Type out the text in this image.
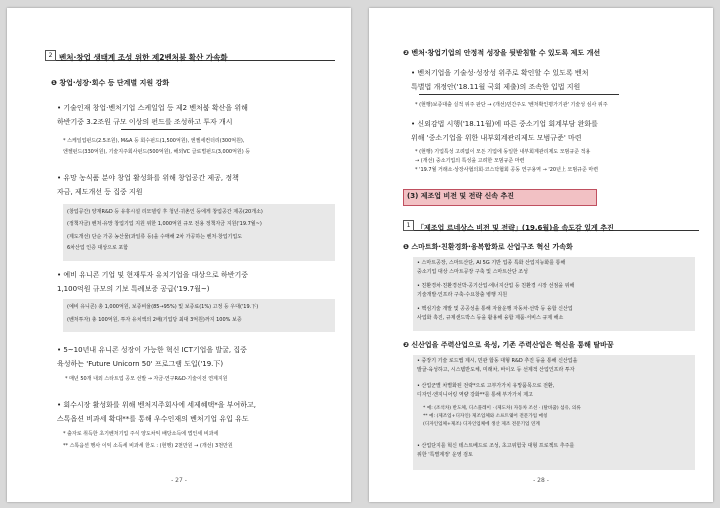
2 벤처·창업 생태계 조성 위한 제2벤처붐 확산 가속화
❶ 창업·성장·회수 등 단계별 지원 강화
• 기술인재 창업·벤처기업 스케일업 등 제2 벤처붐 확산을 위해
하반기중 3.2조원 규모 이상의 펀드를 조성하고 투자 개시
* 스케일업펀드(2.5조원), M&A 등 회수펀드(1,500억원), 엔젤세컨더리(300억원),
엔젤펀드(330억원), 기술지주회사펀드(500억원), 해외VC 글로벌펀드(3,000억원) 등
• 유망 농식품 분야 창업 활성화를 위해 창업공간 제공, 정책
자금, 제도개선 등 집중 지원
(창업공간) 양재R&D 등 유휴시설 리모델링 후 청년·귀촌인 등에게 창업공간 제공(20개소)
(정책자금) 벤처·유망 창업기업 지원 위한 1,000억원 규모 전용 정책자금 지원('19.7월~)
(제도개선) 단순 가공 농산물(과일류 등)을 수매해 2차 가공하는 벤처·창업기업도
6차산업 인증 대상으로 포함
• 예비 유니콘 기업 및 현재투자 유치기업을 대상으로 하반기중
1,100억원 규모의 기보 특례보증 공급('19.7월~)
(예비 유니콘) 총 1,000억원, 보증비율(85→95%) 및 보증료(1%) 고정 등 우대('19.下)
(벤처투자) 총 100억원, 투자 유치액의 2배(기업당 최대 3억원)까지 100% 보증
• 5~10년내 유니콘 성장이 가능한 혁신 ICT기업을 발굴, 집중
육성하는 'Future Unicorn 50' 프로그램 도입('19.下)
* 매년 50개 내외 스타트업 공모 선발 → 자금·연구R&D·기술이전 연계지원
• 회수시장 활성화를 위해 벤처지주회사에 세제혜택*을 부여하고,
스톡옵션 비과세 확대**를 통해 우수인재의 벤처기업 유입 유도
* 출자로 취득한 초기벤처기업 주식 양도차익 배당소득에 법인세 비과세
** 스톡옵션 행사 이익 소득세 비과세 한도 : (현행) 2천만원 → (개선) 3천만원
- 27 -
❷ 벤처·창업기업의 안정적 성장을 뒷받침할 수 있도록 제도 개선
• 벤처기업을 기술성·성장성 위주로 확인할 수 있도록 벤처
특별법 개정안('18.11월 국회 제출)의 조속한 입법 지원
* (현행)보증대출 실적 위주 판단 → (개선)민간주도 '벤처확인평가기관' 기술성 심사 위주
• 신외감법 시행('18.11월)에 따른 중소기업 회계부담 완화를
위해 '중소기업을 위한 내부회계관리제도 모범규준' 마련
* (현행) 기업특성 고려없이 모든 기업에 동일한 내부회계관리제도 모범규준 적용
→ (개선) 중소기업의 특성을 고려한 모범규준 마련
* '19.7월 거래소·상장사협의회·코스닥협회 공동 연구용역 → '20년上 모범규준 마련
(3) 제조업 비전 및 전략 신속 추진
1 「제조업 르네상스 비전 및 전략」(19.6월)을 속도감 있게 추진
❶ 스마트화·친환경화·융복합화로 산업구조 혁신 가속화
• 스마트공장, 스마트산단, AI 5G 기반 업종 특화 산업지능화를 통해
중소기업 대상 스마트공장 구축 및 스마트산단 조성
• 친환경차·친환경선박·공기산업·에너지산업 등 친환경 시장 선점을 위해
기술개발·인프라 구축·수요창출 병행 지원
• 핵심기술 개발 및 공공성을 통해 자율운행 자동차·선박 등 융합 신산업
사업화 촉진, 규제샌드박스 등을 활용해 융합 제품·서비스 규제 해소
❷ 신산업을 주력산업으로 육성, 기존 주력산업은 혁신을 통해 탈바꿈
• 중장기 기술 로드맵 제시, 민관 합동 대형 R&D 추진 등을 통해 신산업을
발굴·육성하고, 시스템반도체, 미래차, 바이오 등 선제적 산업인프라 투자
• 산업군별 차별화된 전략*으로 고부가가치 유망품목으로 전환,
디자인·엔지니어링 역량 강화**를 통해 부가가치 제고
* 예: (조석차) 반도체, 디스플레이 · (제도차) 자동차 조선 · (탈바꿈) 섬유, 의류
** 예: (제조업+디자인) 제조업체와 소프트웨어 전문가업 매칭
(디자인업체+제조) 디자인업체에 생산 제조 전문기업 연계
• 산업단지를 혁신 테스트베드로 조성, 초고위험국 대형 프로젝트 추주를
위한 '특별계정' 운영 검토
- 28 -
